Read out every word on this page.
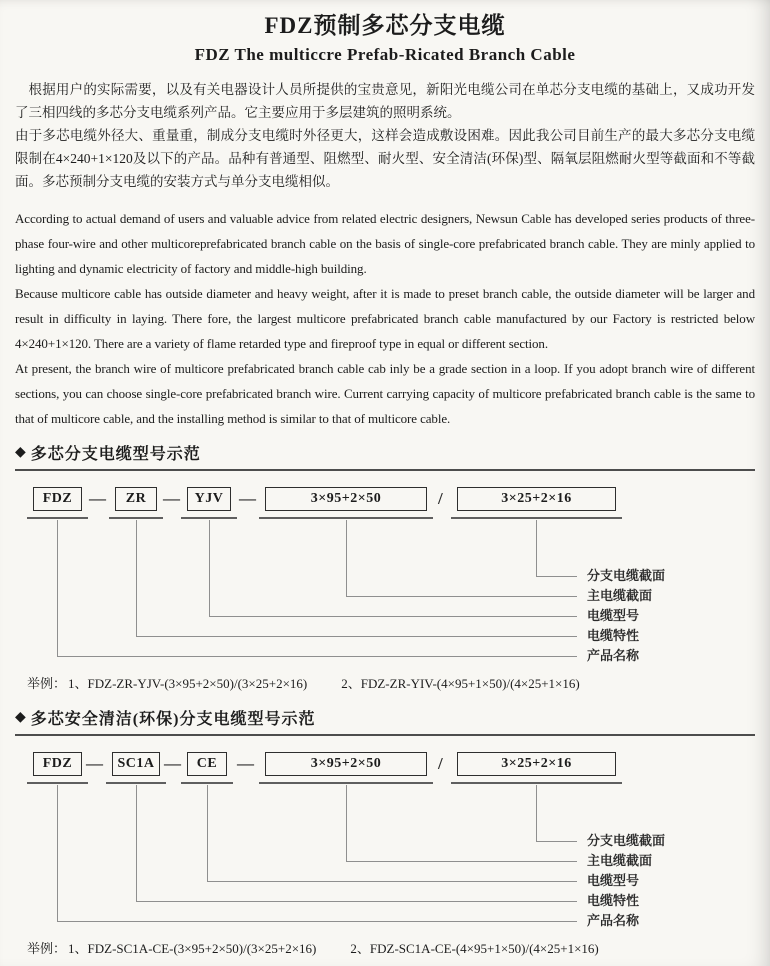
FDZ预制多芯分支电缆
FDZ The multiccre Prefab-Ricated Branch Cable

根据用户的实际需要，以及有关电器设计人员所提供的宝贵意见，新阳光电缆公司在单芯分支电缆的基础上，又成功开发了三相四线的多芯分支电缆系列产品。它主要应用于多层建筑的照明系统。

由于多芯电缆外径大、重量重，制成分支电缆时外径更大，这样会造成敷设困难。因此我公司目前生产的最大多芯分支电缆限制在4×240+1×120及以下的产品。品种有普通型、阻燃型、耐火型、安全清洁(环保)型、隔氧层阻燃耐火型等截面和不等截面。多芯预制分支电缆的安装方式与单分支电缆相似。

According to actual demand of users and valuable advice from related electric designers, Newsun Cable has developed series products of three-phase four-wire and other multicoreprefabricated branch cable on the basis of single-core prefabricated branch cable. They are minly applied to lighting and dynamic electricity of factory and middle-high building.

Because multicore cable has outside diameter and heavy weight, after it is made to preset branch cable, the outside diameter will be larger and result in difficulty in laying. There fore, the largest multicore prefabricated branch cable manufactured by our Factory is restricted below 4×240+1×120. There are a variety of flame retarded type and fireproof type in equal or different section.

At present, the branch wire of multicore prefabricated branch cable cab inly be a grade section in a loop. If you adopt branch wire of different sections, you can choose single-core prefabricated branch wire. Current carrying capacity of multicore prefabricated branch cable is the same to that of multicore cable, and the installing method is similar to that of multicore cable.

◆ 多芯分支电缆型号示范
FDZ —	ZR —	YJV —	3×95+2×50	/	3×25+2×16
分支电缆截面
主电缆截面
电缆型号
电缆特性
产品名称
举例： 1、FDZ-ZR-YJV-(3×95+2×50)/(3×25+2×16)	2、FDZ-ZR-YIV-(4×95+1×50)/(4×25+1×16)
◆ 多芯安全清洁(环保)分支电缆型号示范
FDZ —	SC1A —	CE	—	3×95+2×50	/	3×25+2×16
分支电缆截面
主电缆截面
电缆型号
电缆特性
产品名称
举例： 1、FDZ-SC1A-CE-(3×95+2×50)/(3×25+2×16)	2、FDZ-SC1A-CE-(4×95+1×50)/(4×25+1×16)
